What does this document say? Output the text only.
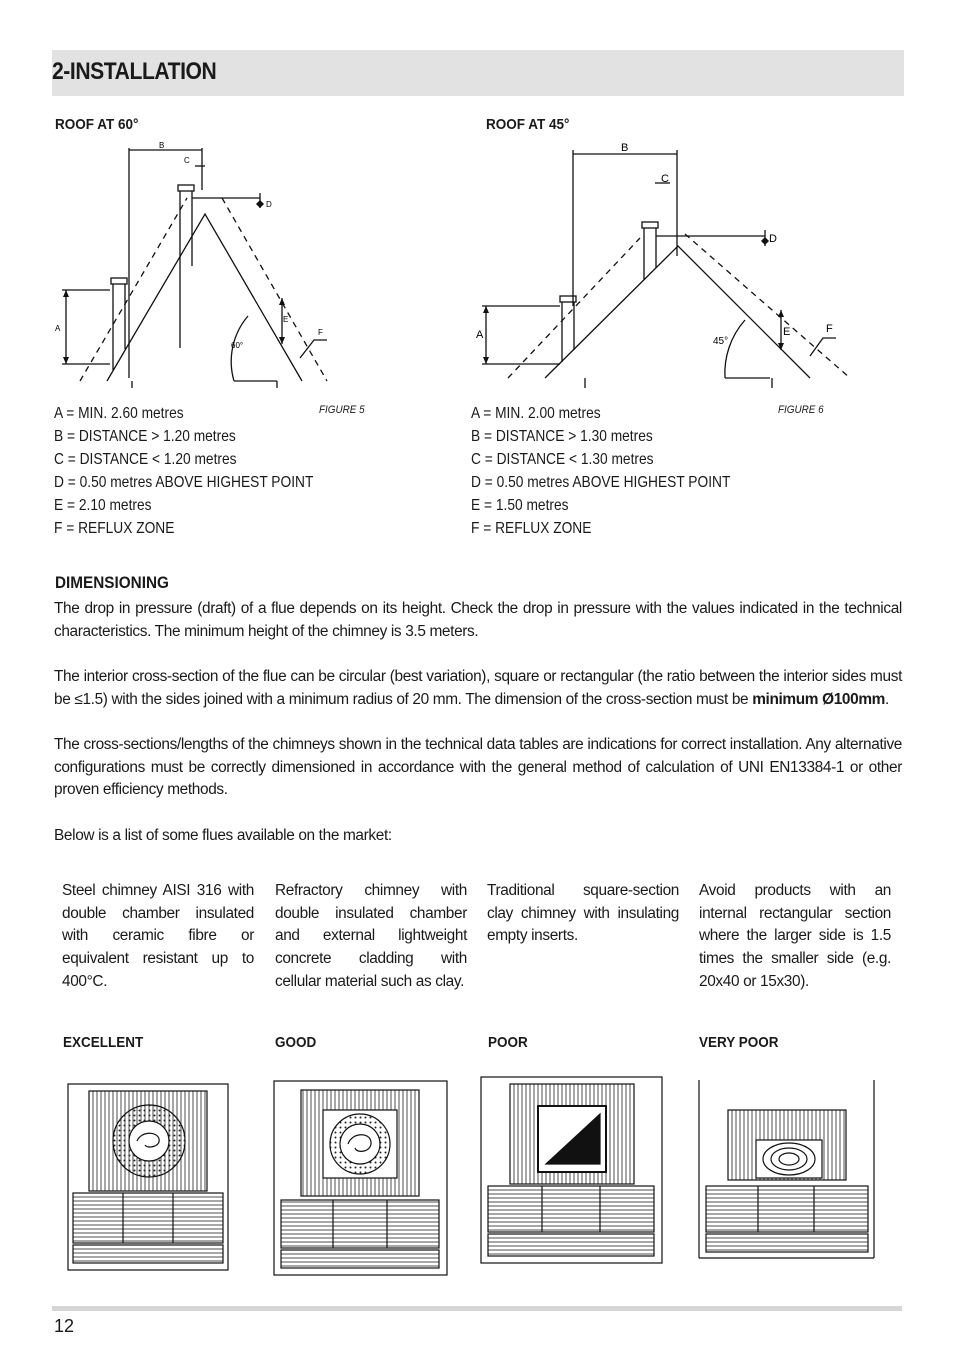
2-INSTALLATION
ROOF AT 60°
B
C
D
A
E
F
60°
FIGURE 5
A = MIN. 2.60 metres
B = DISTANCE > 1.20 metres
C = DISTANCE < 1.20 metres
D = 0.50 metres ABOVE HIGHEST POINT
E = 2.10 metres
F = REFLUX ZONE
ROOF AT 45°
B
C
D
A	E	F
45°
FIGURE 6
A = MIN. 2.00 metres
B = DISTANCE > 1.30 metres
C = DISTANCE < 1.30 metres
D = 0.50 metres ABOVE HIGHEST POINT
E = 1.50 metres
F = REFLUX ZONE
DIMENSIONING
The drop in pressure (draft) of a flue depends on its height. Check the drop in pressure with the values indicated in the technical characteristics. The minimum height of the chimney is 3.5 meters.
The interior cross-section of the flue can be circular (best variation), square or rectangular (the ratio between the interior sides must be ≤1.5) with the sides joined with a minimum radius of 20 mm. The dimension of the cross-section must be minimum Ø100mm.
The cross-sections/lengths of the chimneys shown in the technical data tables are indications for correct installation. Any alternative configurations must be correctly dimensioned in accordance with the general method of calculation of UNI EN13384-1 or other proven efficiency methods.
Below is a list of some flues available on the market:
Steel chimney AISI 316 with double chamber insulated with ceramic fibre or equivalent resistant up to 400°C.
Refractory chimney with double insulated chamber and external lightweight concrete cladding with cellular material such as clay.
Traditional square-section clay chimney with insulating empty inserts.
Avoid products with an internal rectangular section where the larger side is 1.5 times the smaller side (e.g. 20x40 or 15x30).
EXCELLENT	GOOD	POOR	VERY POOR
12
